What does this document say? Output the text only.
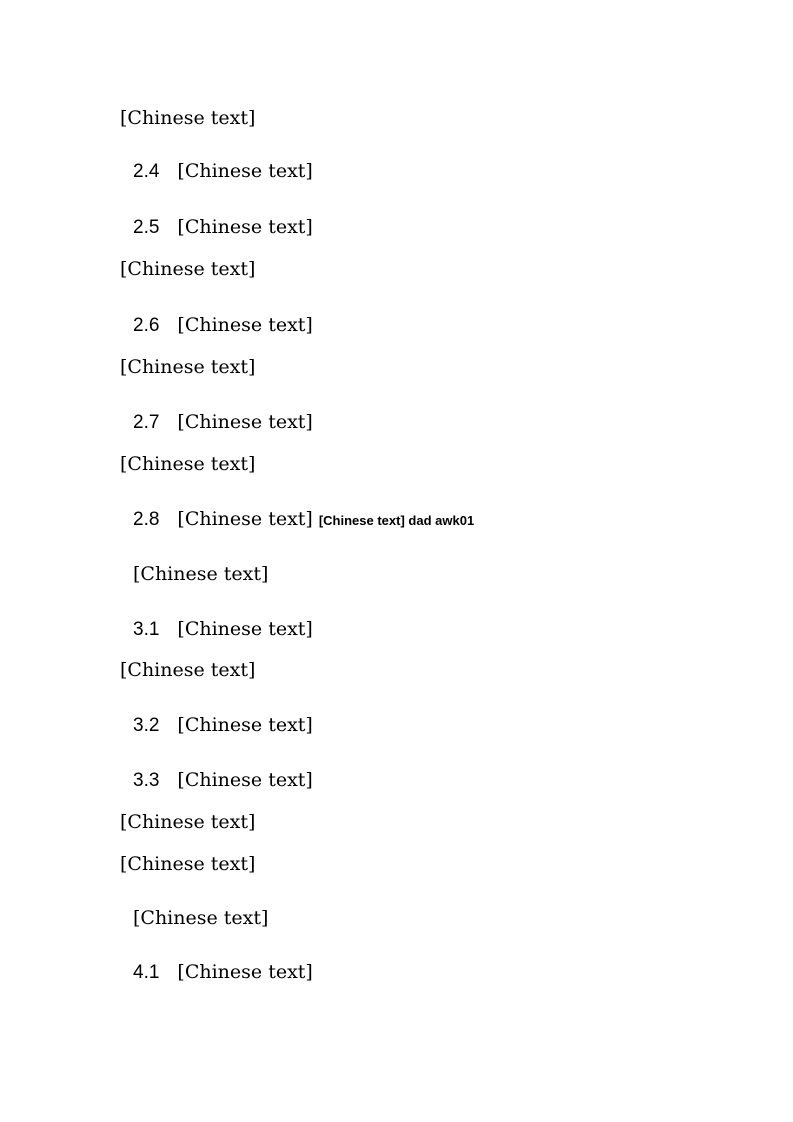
[Chinese text]
2.4 [Chinese text]
2.5 [Chinese text]
[Chinese text]
2.6 [Chinese text]
[Chinese text]
2.7 [Chinese text]
[Chinese text]
2.8 [Chinese text] [Chinese text] dad awk01
[Chinese text]
3.1 [Chinese text]
[Chinese text]
3.2 [Chinese text]
3.3 [Chinese text]
[Chinese text]
[Chinese text]
[Chinese text]
4.1 [Chinese text]
